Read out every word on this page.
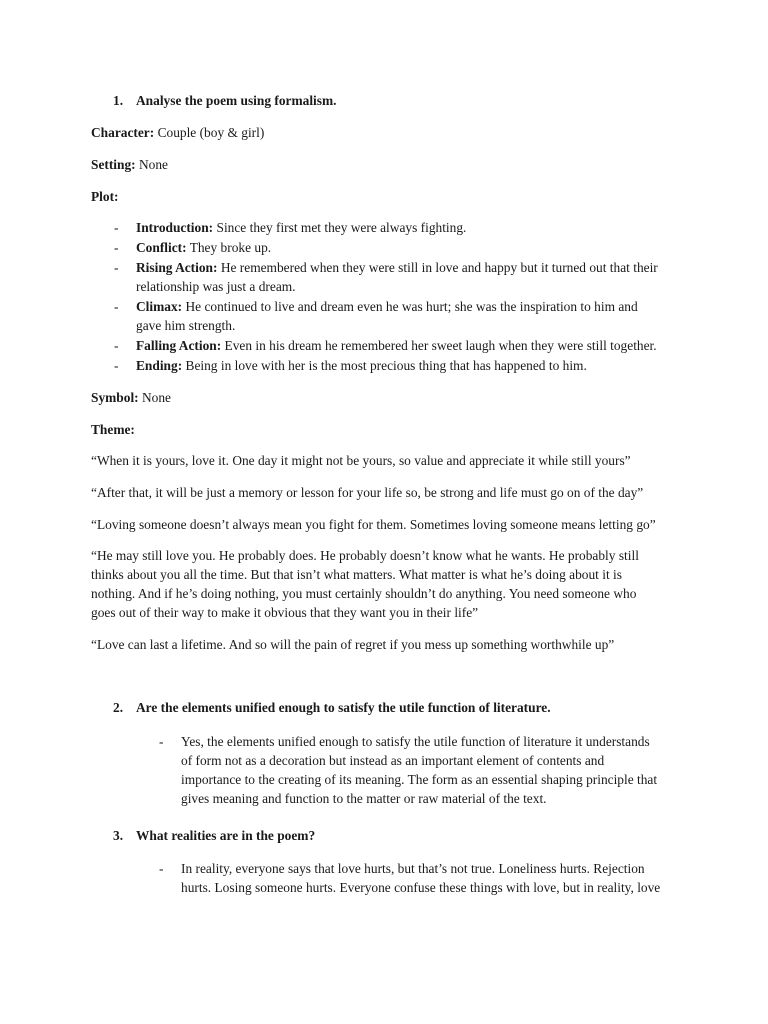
1. Analyse the poem using formalism.
Character: Couple (boy & girl)
Setting: None
Plot:
- Introduction: Since they first met they were always fighting.
- Conflict: They broke up.
- Rising Action: He remembered when they were still in love and happy but it turned out that their
relationship was just a dream.
- Climax: He continued to live and dream even he was hurt; she was the inspiration to him and
gave him strength.
- Falling Action: Even in his dream he remembered her sweet laugh when they were still together.
- Ending: Being in love with her is the most precious thing that has happened to him.
Symbol: None
Theme:
“When it is yours, love it. One day it might not be yours, so value and appreciate it while still yours”
“After that, it will be just a memory or lesson for your life so, be strong and life must go on of the day”
“Loving someone doesn’t always mean you fight for them. Sometimes loving someone means letting go”
“He may still love you. He probably does. He probably doesn’t know what he wants. He probably still
thinks about you all the time. But that isn’t what matters. What matter is what he’s doing about it is
nothing. And if he’s doing nothing, you must certainly shouldn’t do anything. You need someone who
goes out of their way to make it obvious that they want you in their life”
“Love can last a lifetime. And so will the pain of regret if you mess up something worthwhile up”
2. Are the elements unified enough to satisfy the utile function of literature.
- Yes, the elements unified enough to satisfy the utile function of literature it understands
of form not as a decoration but instead as an important element of contents and
importance to the creating of its meaning. The form as an essential shaping principle that
gives meaning and function to the matter or raw material of the text.
3. What realities are in the poem?
- In reality, everyone says that love hurts, but that’s not true. Loneliness hurts. Rejection
hurts. Losing someone hurts. Everyone confuse these things with love, but in reality, love
